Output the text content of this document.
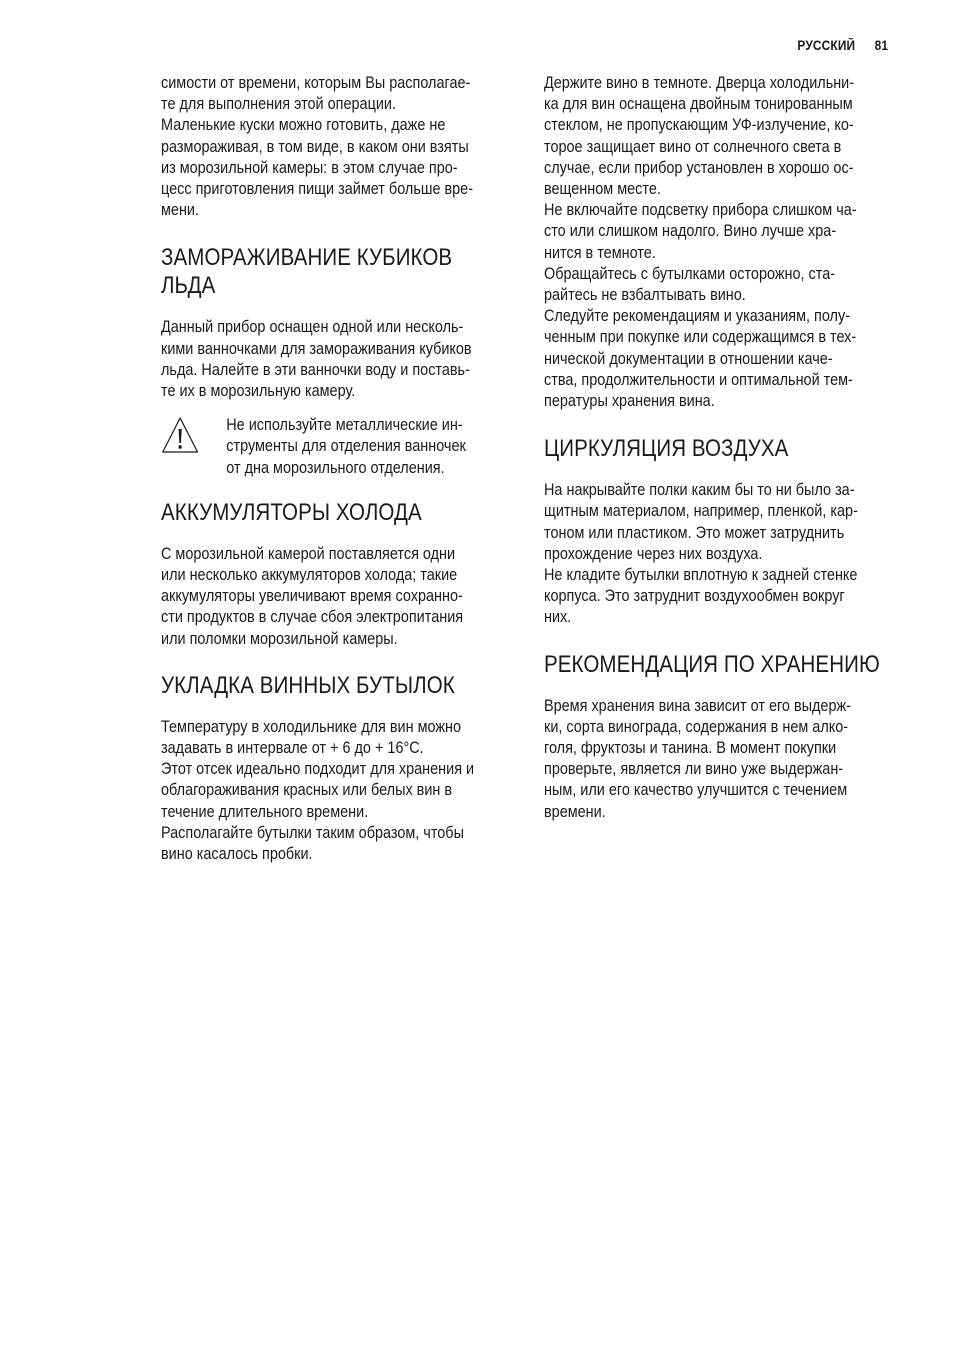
РУССКИЙ 81

симости от времени, которым Вы располагае-
те для выполнения этой операции.
Маленькие куски можно готовить, даже не
размораживая, в том виде, в каком они взяты
из морозильной камеры: в этом случае про-
цесс приготовления пищи займет больше вре-
мени.

ЗАМОРАЖИВАНИЕ КУБИКОВ
ЛЬДА

Данный прибор оснащен одной или несколь-
кими ванночками для замораживания кубиков
льда. Налейте в эти ванночки воду и поставь-
те их в морозильную камеру.

Не используйте металлические ин-
струменты для отделения ванночек
от дна морозильного отделения.

АККУМУЛЯТОРЫ ХОЛОДА

С морозильной камерой поставляется одни
или несколько аккумуляторов холода; такие
аккумуляторы увеличивают время сохранно-
сти продуктов в случае сбоя электропитания
или поломки морозильной камеры.

УКЛАДКА ВИННЫХ БУТЫЛОК

Температуру в холодильнике для вин можно
задавать в интервале от + 6 до + 16°C.
Этот отсек идеально подходит для хранения и
облагораживания красных или белых вин в
течение длительного времени.
Располагайте бутылки таким образом, чтобы
вино касалось пробки.

Держите вино в темноте. Дверца холодильни-
ка для вин оснащена двойным тонированным
стеклом, не пропускающим УФ-излучение, ко-
торое защищает вино от солнечного света в
случае, если прибор установлен в хорошо ос-
вещенном месте.
Не включайте подсветку прибора слишком ча-
сто или слишком надолго. Вино лучше хра-
нится в темноте.
Обращайтесь с бутылками осторожно, ста-
райтесь не взбалтывать вино.
Следуйте рекомендациям и указаниям, полу-
ченным при покупке или содержащимся в тех-
нической документации в отношении каче-
ства, продолжительности и оптимальной тем-
пературы хранения вина.

ЦИРКУЛЯЦИЯ ВОЗДУХА

На накрывайте полки каким бы то ни было за-
щитным материалом, например, пленкой, кар-
тоном или пластиком. Это может затруднить
прохождение через них воздуха.
Не кладите бутылки вплотную к задней стенке
корпуса. Это затруднит воздухообмен вокруг
них.

РЕКОМЕНДАЦИЯ ПО ХРАНЕНИЮ

Время хранения вина зависит от его выдерж-
ки, сорта винограда, содержания в нем алко-
голя, фруктозы и танина. В момент покупки
проверьте, является ли вино уже выдержан-
ным, или его качество улучшится с течением
времени.
